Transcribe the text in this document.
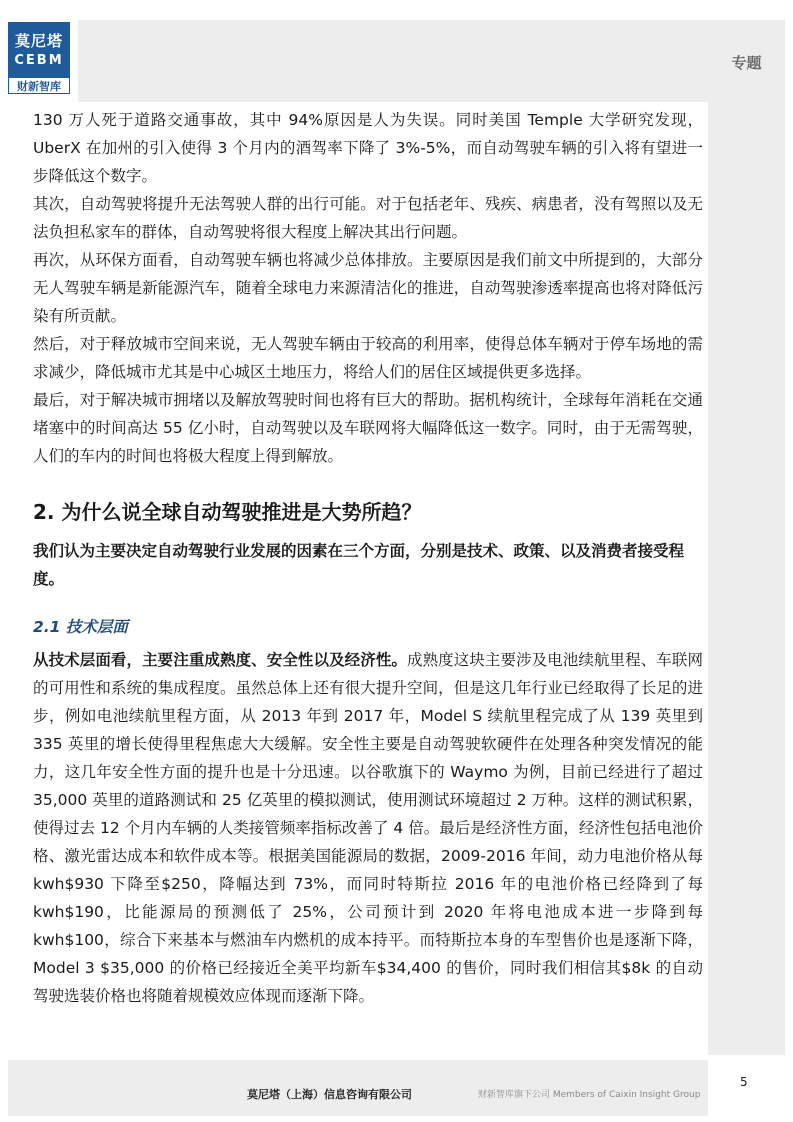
莫尼塔
CEBM
财新智库
专题

130 万人死于道路交通事故，其中 94%原因是人为失误。同时美国 Temple 大学研究发现，UberX 在加州的引入使得 3 个月内的酒驾率下降了 3%-5%，而自动驾驶车辆的引入将有望进一步降低这个数字。

其次，自动驾驶将提升无法驾驶人群的出行可能。对于包括老年、残疾、病患者，没有驾照以及无法负担私家车的群体，自动驾驶将很大程度上解决其出行问题。

再次，从环保方面看，自动驾驶车辆也将减少总体排放。主要原因是我们前文中所提到的，大部分无人驾驶车辆是新能源汽车，随着全球电力来源清洁化的推进，自动驾驶渗透率提高也将对降低污染有所贡献。

然后，对于释放城市空间来说，无人驾驶车辆由于较高的利用率，使得总体车辆对于停车场地的需求减少，降低城市尤其是中心城区土地压力，将给人们的居住区域提供更多选择。

最后，对于解决城市拥堵以及解放驾驶时间也将有巨大的帮助。据机构统计，全球每年消耗在交通堵塞中的时间高达 55 亿小时，自动驾驶以及车联网将大幅降低这一数字。同时，由于无需驾驶，人们的车内的时间也将极大程度上得到解放。

2. 为什么说全球自动驾驶推进是大势所趋？

我们认为主要决定自动驾驶行业发展的因素在三个方面，分别是技术、政策、以及消费者接受程度。

2.1 技术层面

从技术层面看，主要注重成熟度、安全性以及经济性。成熟度这块主要涉及电池续航里程、车联网的可用性和系统的集成程度。虽然总体上还有很大提升空间，但是这几年行业已经取得了长足的进步，例如电池续航里程方面，从 2013 年到 2017 年，Model S 续航里程完成了从 139 英里到 335 英里的增长使得里程焦虑大大缓解。安全性主要是自动驾驶软硬件在处理各种突发情况的能力，这几年安全性方面的提升也是十分迅速。以谷歌旗下的 Waymo 为例，目前已经进行了超过 35,000 英里的道路测试和 25 亿英里的模拟测试，使用测试环境超过 2 万种。这样的测试积累，使得过去 12 个月内车辆的人类接管频率指标改善了 4 倍。最后是经济性方面，经济性包括电池价格、激光雷达成本和软件成本等。根据美国能源局的数据，2009-2016 年间，动力电池价格从每 kwh$930 下降至$250，降幅达到 73%，而同时特斯拉 2016 年的电池价格已经降到了每 kwh$190，比能源局的预测低了 25%，公司预计到 2020 年将电池成本进一步降到每 kwh$100，综合下来基本与燃油车内燃机的成本持平。而特斯拉本身的车型售价也是逐渐下降，Model 3 $35,000 的价格已经接近全美平均新车$34,400 的售价，同时我们相信其$8k 的自动驾驶选装价格也将随着规模效应体现而逐渐下降。

莫尼塔（上海）信息咨询有限公司	财新智库旗下公司 Members of Caixin Insight Group
5
